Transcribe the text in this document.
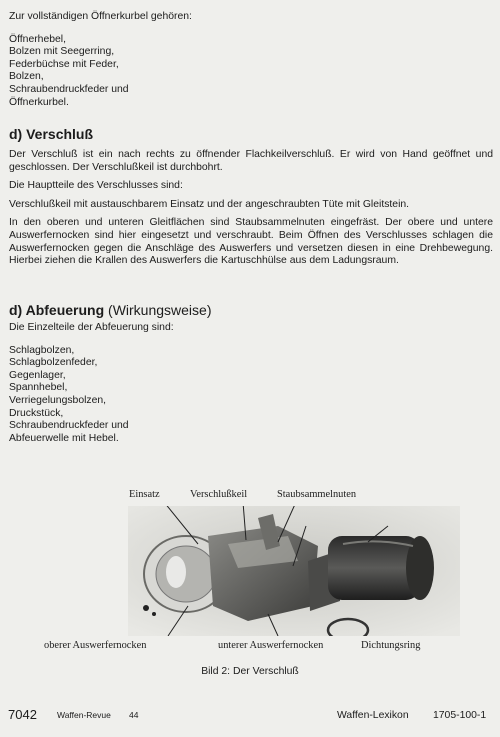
Zur vollständigen Öffnerkurbel gehören:

Öffnerhebel,
Bolzen mit Seegerring,
Federbüchse mit Feder,
Bolzen,
Schraubendruckfeder und
Öffnerkurbel.
d) Verschluß

Der Verschluß ist ein nach rechts zu öffnender Flachkeilverschluß. Er wird von Hand geöffnet und geschlossen. Der Verschlußkeil ist durchbohrt.

Die Hauptteile des Verschlusses sind:

Verschlußkeil mit austauschbarem Einsatz und der angeschraubten Tüte mit Gleitstein.

In den oberen und unteren Gleitflächen sind Staubsammelnuten eingefräst. Der obere und untere Auswerfernocken sind hier eingesetzt und verschraubt. Beim Öffnen des Verschlusses schlagen die Auswerfernocken gegen die Anschläge des Auswerfers und versetzen diesen in eine Drehbewegung. Hierbei ziehen die Krallen des Auswerfers die Kartuschhülse aus dem Ladungsraum.

d) Abfeuerung (Wirkungsweise)

Die Einzelteile der Abfeuerung sind:

Schlagbolzen,
Schlagbolzenfeder,
Gegenlager,
Spannhebel,
Verriegelungsbolzen,
Druckstück,
Schraubendruckfeder und
Abfeuerwelle mit Hebel.
Einsatz	Verschlußkeil	Staubsammelnuten
oberer Auswerfernocken	unterer Auswerfernocken	Dichtungsring
Bild 2: Der Verschluß
7042 Waffen-Revue 44	Waffen-Lexikon 1705-100-1
